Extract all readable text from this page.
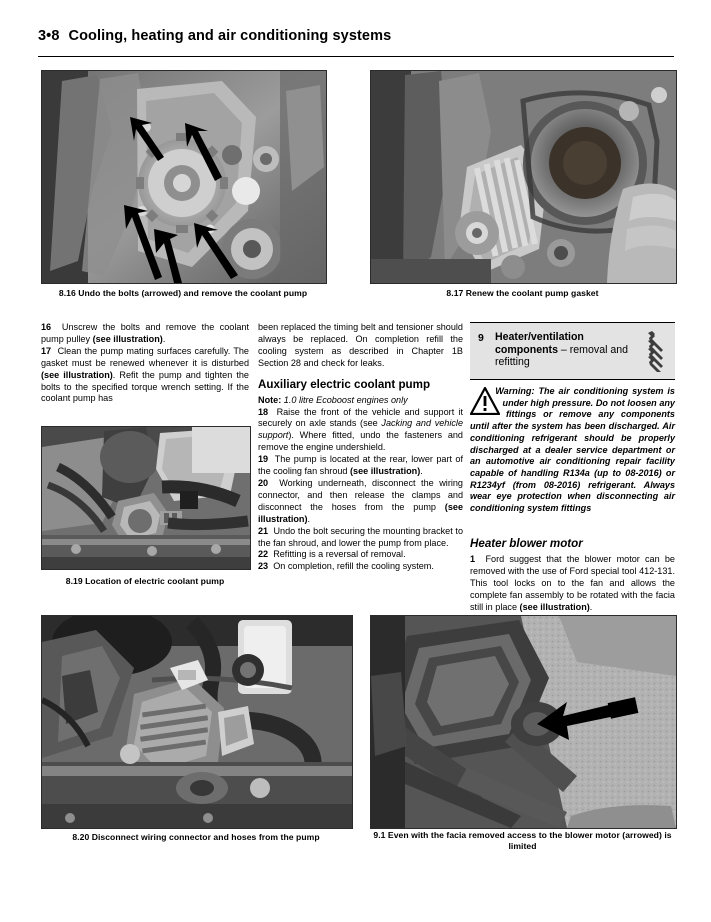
3•8 Cooling, heating and air conditioning systems
8.16 Undo the bolts (arrowed) and remove the coolant pump	8.17 Renew the coolant pump gasket
16 Unscrew the bolts and remove the coolant pump pulley (see illustration).
17 Clean the pump mating surfaces carefully. The gasket must be renewed whenever it is disturbed (see illustration). Refit the pump and tighten the bolts to the specified torque wrench setting. If the coolant pump has
been replaced the timing belt and tensioner should always be replaced. On completion refill the cooling system as described in Chapter 1B Section 28 and check for leaks.
Auxiliary electric coolant pump
Note: 1.0 litre Ecoboost engines only
18 Raise the front of the vehicle and support it securely on axle stands (see Jacking and vehicle support). Where fitted, undo the fasteners and remove the engine undershield.
19 The pump is located at the rear, lower part of the cooling fan shroud (see illustration).
20 Working underneath, disconnect the wiring connector, and then release the clamps and disconnect the hoses from the pump (see illustration).
21 Undo the bolt securing the mounting bracket to the fan shroud, and lower the pump from place.
22 Refitting is a reversal of removal.
23 On completion, refill the cooling system.
9 Heater/ventilation components – removal and refitting
Warning: The air conditioning system is under high pressure. Do not loosen any fittings or remove any components until after the system has been discharged. Air conditioning refrigerant should be properly discharged at a dealer service department or an automotive air conditioning repair facility capable of handling R134a (up to 08-2016) or R1234yf (from 08-2016) refrigerant. Always wear eye protection when disconnecting air conditioning system fittings
Heater blower motor
1 Ford suggest that the blower motor can be removed with the use of Ford special tool 412-131. This tool locks on to the fan and allows the complete fan assembly to be rotated with the facia still in place (see illustration).
8.19 Location of electric coolant pump
8.20 Disconnect wiring connector and hoses from the pump	9.1 Even with the facia removed access to the blower motor (arrowed) is limited
